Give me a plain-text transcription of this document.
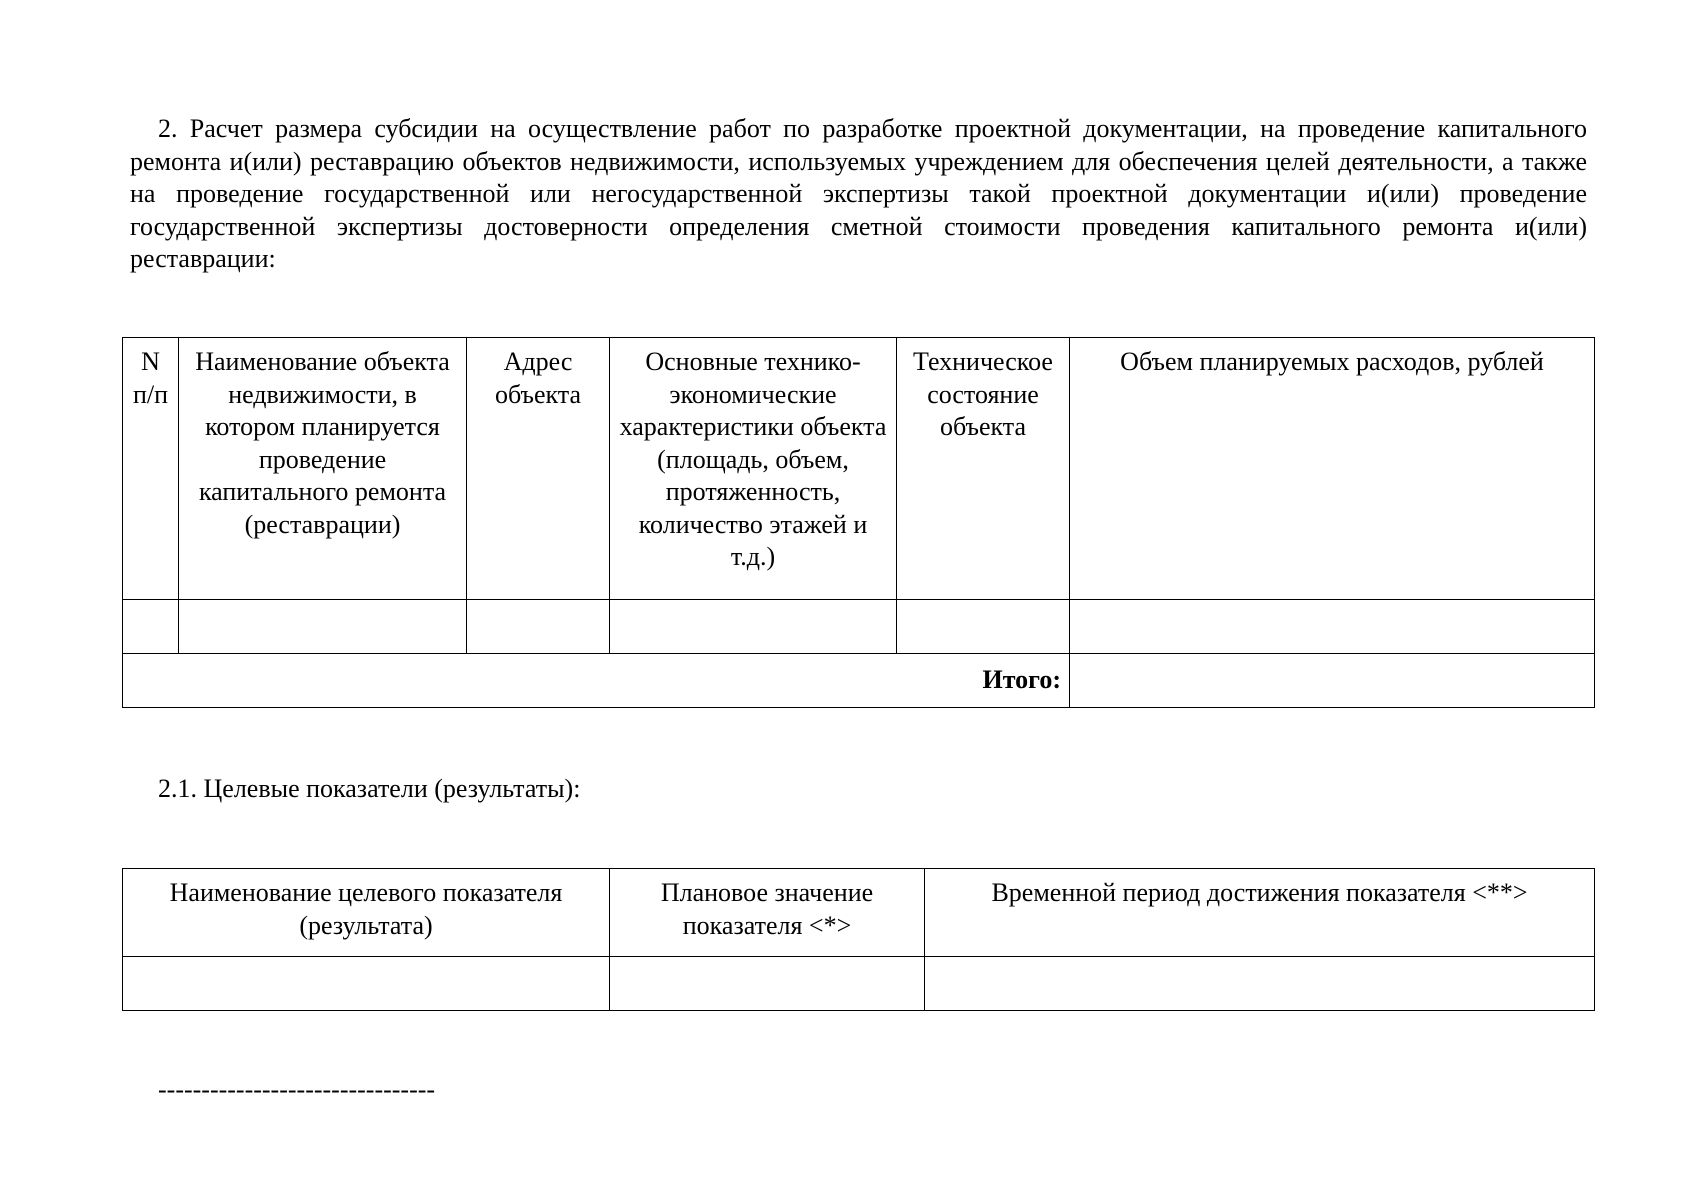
2. Расчет размера субсидии на осуществление работ по разработке проектной документации, на проведение капитального ремонта и(или) реставрацию объектов недвижимости, используемых учреждением для обеспечения целей деятельности, а также на проведение государственной или негосударственной экспертизы такой проектной документации и(или) проведение государственной экспертизы достоверности определения сметной стоимости проведения капитального ремонта и(или) реставрации:

N п/п	Наименование объекта недвижимости, в котором планируется проведение капитального ремонта (реставрации)	Адрес объекта	Основные технико-экономические характеристики объекта (площадь, объем, протяженность, количество этажей и т.д.)	Техническое состояние объекта	Объем планируемых расходов, рублей

Итого:					

2.1. Целевые показатели (результаты):

Наименование целевого показателя (результата)	Плановое значение показателя <*>	Временной период достижения показателя <**>

--------------------------------
